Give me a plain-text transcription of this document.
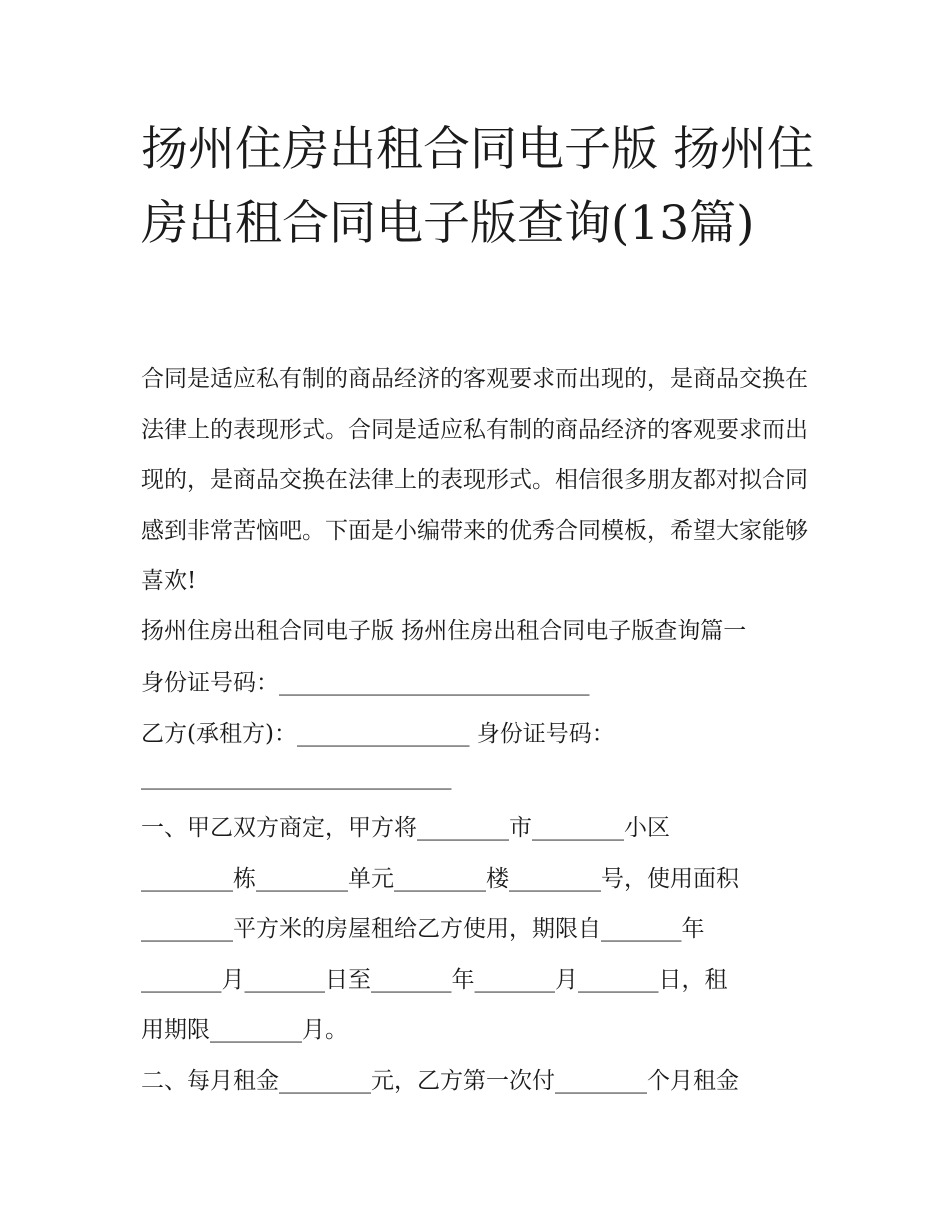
扬州住房出租合同电子版 扬州住房出租合同电子版查询(13篇)

合同是适应私有制的商品经济的客观要求而出现的，是商品交换在法律上的表现形式。合同是适应私有制的商品经济的客观要求而出现的，是商品交换在法律上的表现形式。相信很多朋友都对拟合同感到非常苦恼吧。下面是小编带来的优秀合同模板，希望大家能够喜欢!

扬州住房出租合同电子版 扬州住房出租合同电子版查询篇一

身份证号码：___________________________

乙方(承租方)：_______________ 身份证号码：

___________________________

一、甲乙双方商定，甲方将________市________小区

________栋________单元________楼________号，使用面积

________平方米的房屋租给乙方使用，期限自_______年

_______月_______日至_______年_______月_______日，租

用期限________月。

二、每月租金________元，乙方第一次付________个月租金
